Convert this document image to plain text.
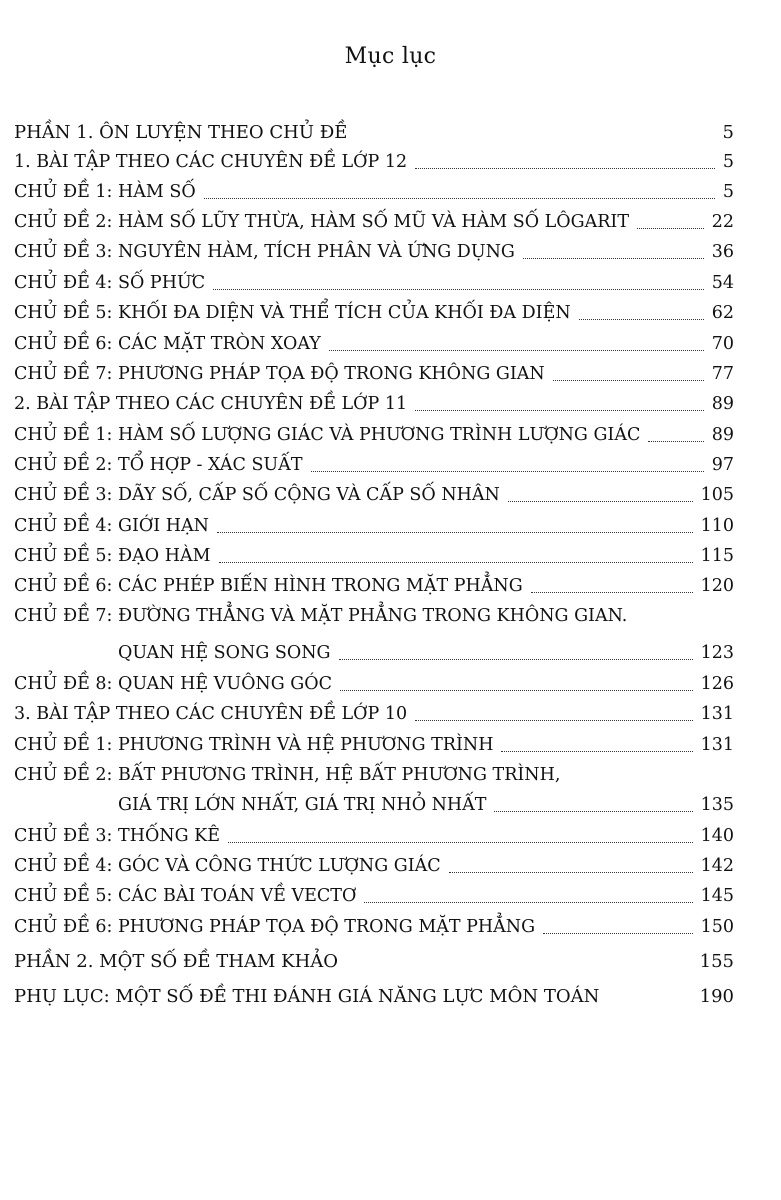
Mục lục
PHẦN 1. ÔN LUYỆN THEO CHỦ ĐỀ	5
1. BÀI TẬP THEO CÁC CHUYÊN ĐỀ LỚP 12	5
CHỦ ĐỀ 1: HÀM SỐ	5
CHỦ ĐỀ 2: HÀM SỐ LŨY THỪA, HÀM SỐ MŨ VÀ HÀM SỐ LÔGARIT	22
CHỦ ĐỀ 3: NGUYÊN HÀM, TÍCH PHÂN VÀ ỨNG DỤNG	36
CHỦ ĐỀ 4: SỐ PHỨC	54
CHỦ ĐỀ 5: KHỐI ĐA DIỆN VÀ THỂ TÍCH CỦA KHỐI ĐA DIỆN	62
CHỦ ĐỀ 6: CÁC MẶT TRÒN XOAY	70
CHỦ ĐỀ 7: PHƯƠNG PHÁP TỌA ĐỘ TRONG KHÔNG GIAN	77
2. BÀI TẬP THEO CÁC CHUYÊN ĐỀ LỚP 11	89
CHỦ ĐỀ 1: HÀM SỐ LƯỢNG GIÁC VÀ PHƯƠNG TRÌNH LƯỢNG GIÁC	89
CHỦ ĐỀ 2: TỔ HỢP - XÁC SUẤT	97
CHỦ ĐỀ 3: DÃY SỐ, CẤP SỐ CỘNG VÀ CẤP SỐ NHÂN	105
CHỦ ĐỀ 4: GIỚI HẠN	110
CHỦ ĐỀ 5: ĐẠO HÀM	115
CHỦ ĐỀ 6: CÁC PHÉP BIẾN HÌNH TRONG MẶT PHẲNG	120
CHỦ ĐỀ 7: ĐƯỜNG THẲNG VÀ MẶT PHẲNG TRONG KHÔNG GIAN.
QUAN HỆ SONG SONG	123
CHỦ ĐỀ 8: QUAN HỆ VUÔNG GÓC	126
3. BÀI TẬP THEO CÁC CHUYÊN ĐỀ LỚP 10	131
CHỦ ĐỀ 1: PHƯƠNG TRÌNH VÀ HỆ PHƯƠNG TRÌNH	131
CHỦ ĐỀ 2: BẤT PHƯƠNG TRÌNH, HỆ BẤT PHƯƠNG TRÌNH,
GIÁ TRỊ LỚN NHẤT, GIÁ TRỊ NHỎ NHẤT	135
CHỦ ĐỀ 3: THỐNG KÊ	140
CHỦ ĐỀ 4: GÓC VÀ CÔNG THỨC LƯỢNG GIÁC	142
CHỦ ĐỀ 5: CÁC BÀI TOÁN VỀ VECTƠ	145
CHỦ ĐỀ 6: PHƯƠNG PHÁP TỌA ĐỘ TRONG MẶT PHẲNG	150
PHẦN 2. MỘT SỐ ĐỀ THAM KHẢO	155
PHỤ LỤC: MỘT SỐ ĐỀ THI ĐÁNH GIÁ NĂNG LỰC MÔN TOÁN	190
